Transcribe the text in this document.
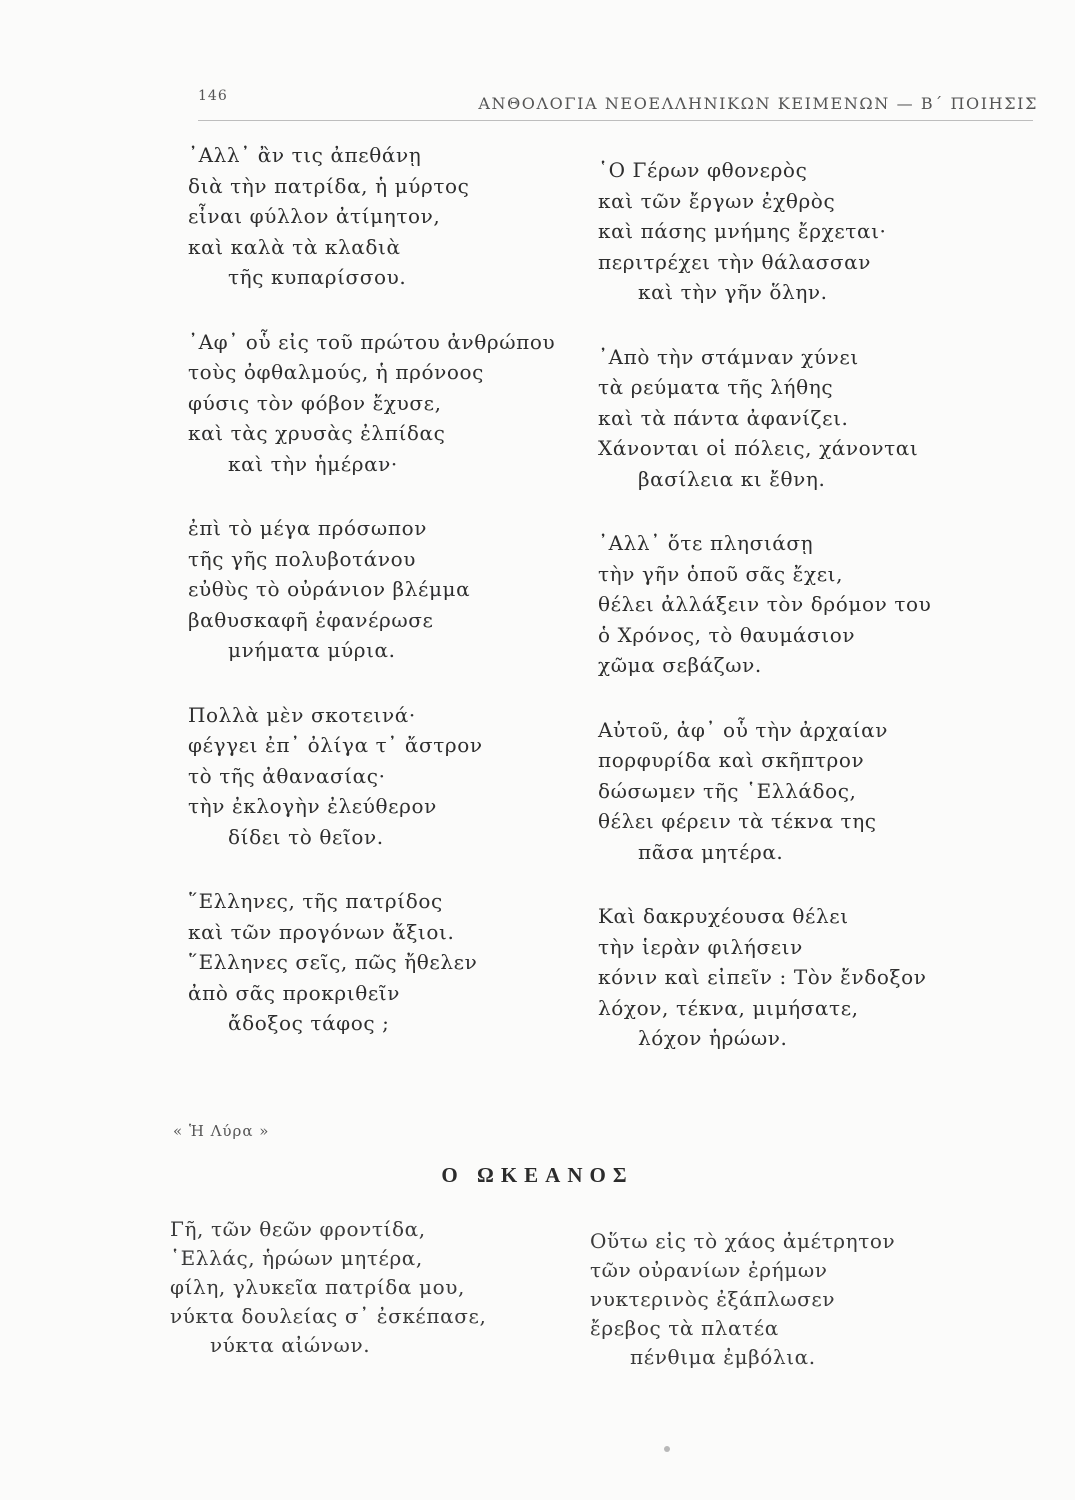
146	ΑΝΘΟΛΟΓΙΑ ΝΕΟΕΛΛΗΝΙΚΩΝ ΚΕΙΜΕΝΩΝ — Β΄ ΠΟΙΗΣΙΣ
᾿Αλλ᾿ ἂν τις ἀπεθάνῃ
διὰ τὴν πατρίδα, ἡ μύρτος
εἶναι φύλλον ἀτίμητον,
καὶ καλὰ τὰ κλαδιὰ
τῆς κυπαρίσσου.
᾿Αφ᾿ οὗ εἰς τοῦ πρώτου ἀνθρώπου
τοὺς ὀφθαλμούς, ἡ πρόνοος
φύσις τὸν φόβον ἔχυσε,
καὶ τὰς χρυσὰς ἐλπίδας
καὶ τὴν ἡμέραν·
ἐπὶ τὸ μέγα πρόσωπον
τῆς γῆς πολυβοτάνου
εὐθὺς τὸ οὐράνιον βλέμμα
βαθυσκαφῆ ἐφανέρωσε
μνήματα μύρια.
Πολλὰ μὲν σκοτεινά·
φέγγει ἐπ᾿ ὀλίγα τ᾿ ἄστρον
τὸ τῆς ἀθανασίας·
τὴν ἐκλογὴν ἐλεύθερον
δίδει τὸ θεῖον.
῞Ελληνες, τῆς πατρίδος
καὶ τῶν προγόνων ἄξιοι.
῞Ελληνες σεῖς, πῶς ἤθελεν
ἀπὸ σᾶς προκριθεῖν
ἄδοξος τάφος ;
῾Ο Γέρων φθονερὸς
καὶ τῶν ἔργων ἐχθρὸς
καὶ πάσης μνήμης ἔρχεται·
περιτρέχει τὴν θάλασσαν
καὶ τὴν γῆν ὅλην.
᾿Απὸ τὴν στάμναν χύνει
τὰ ρεύματα τῆς λήθης
καὶ τὰ πάντα ἀφανίζει.
Χάνονται οἱ πόλεις, χάνονται
βασίλεια κι ἔθνη.
᾿Αλλ᾿ ὅτε πλησιάσῃ
τὴν γῆν ὁποῦ σᾶς ἔχει,
θέλει ἀλλάξειν τὸν δρόμον του
ὁ Χρόνος, τὸ θαυμάσιον
χῶμα σεβάζων.
Αὐτοῦ, ἀφ᾿ οὗ τὴν ἀρχαίαν
πορφυρίδα καὶ σκῆπτρον
δώσωμεν τῆς ῾Ελλάδος,
θέλει φέρειν τὰ τέκνα της
πᾶσα μητέρα.
Καὶ δακρυχέουσα θέλει
τὴν ἱερὰν φιλήσειν
κόνιν καὶ εἰπεῖν : Τὸν ἔνδοξον
λόχον, τέκνα, μιμήσατε,
λόχον ἡρώων.
« Ἡ Λύρα »
Ο ΩΚΕΑΝΟΣ
Γῆ, τῶν θεῶν φροντίδα,
῾Ελλάς, ἡρώων μητέρα,
φίλη, γλυκεῖα πατρίδα μου,
νύκτα δουλείας σ᾿ ἐσκέπασε,
νύκτα αἰώνων.
Οὕτω εἰς τὸ χάος ἀμέτρητον
τῶν οὐρανίων ἐρήμων
νυκτερινὸς ἐξάπλωσεν
ἔρεβος τὰ πλατέα
πένθιμα ἐμβόλια.
